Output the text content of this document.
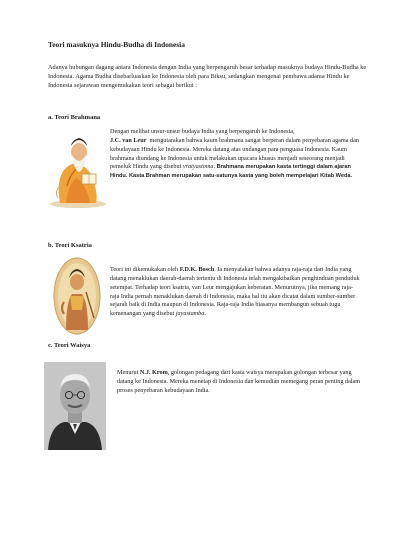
Teori masuknya Hindu-Budha di Indonesia
Adanya hubungan dagang antara Indonesia dengan India yang berpengaruh besar terhadap masuknya budaya Hindu-Budha ke Indonesia. Agama Budha disebarluaskan ke Indonesia oleh para Biksu, sedangkan mengenai pembawa adama Hindu ke Indonesia sejarawan mengemukakan teori sebagai berikut :
a. Teori Brahmana
Dengan melihat unsur-unsur budaya India yang berpengaruh ke Indonesia,
J.C. van Leur mengutarakan bahwa kaum brahmana sangat berperan dalam penyebaran agama dan kebudayaan Hindu ke Indonesia. Mereka datang atas undangan para penguasa Indonesia. Kaum brahmana diundang ke Indonesia untuk melakukan upacara khusus menjadi seseorang menjadi pemeluk Hindu yang disebut vratyastoma. Brahmana merupakan kasta tertinggi dalam ajaran Hindu. Kasta Brahman merupakan satu-satunya kasta yang boleh mempelajari Kitab Weda.
b. Teori Ksatria
Teori ini dikemukakan oleh F.D.K. Bosch. Ia menyatakan bahwa adanya raja-raja dari India yang datang menaklukan daerah-daerah tertentu di Indonesia telah mengakibatkan penghinduan penduduk setempat. Terhadap teori ksatria, van Leur mengajukan keberatan. Menurutnya, jika memang raja-raja India pernah menaklukan daerah di Indonesia, maka hal itu akan dicatat dalam sumber-sumber sejarah baik di India maupun di Indonesia. Raja-raja India biasanya membangun sebuah tugu kemenangan yang disebut jayastamba.
c. Teori Waisya
Menurut N.J. Krom, golongan pedagang dari kasta waisya merupakan golongan terbesar yang datang ke Indonesia. Mereka menetap di Indonesia dan kemudian memegang peran penting dalam proses penyebaran kebudayaan India.
